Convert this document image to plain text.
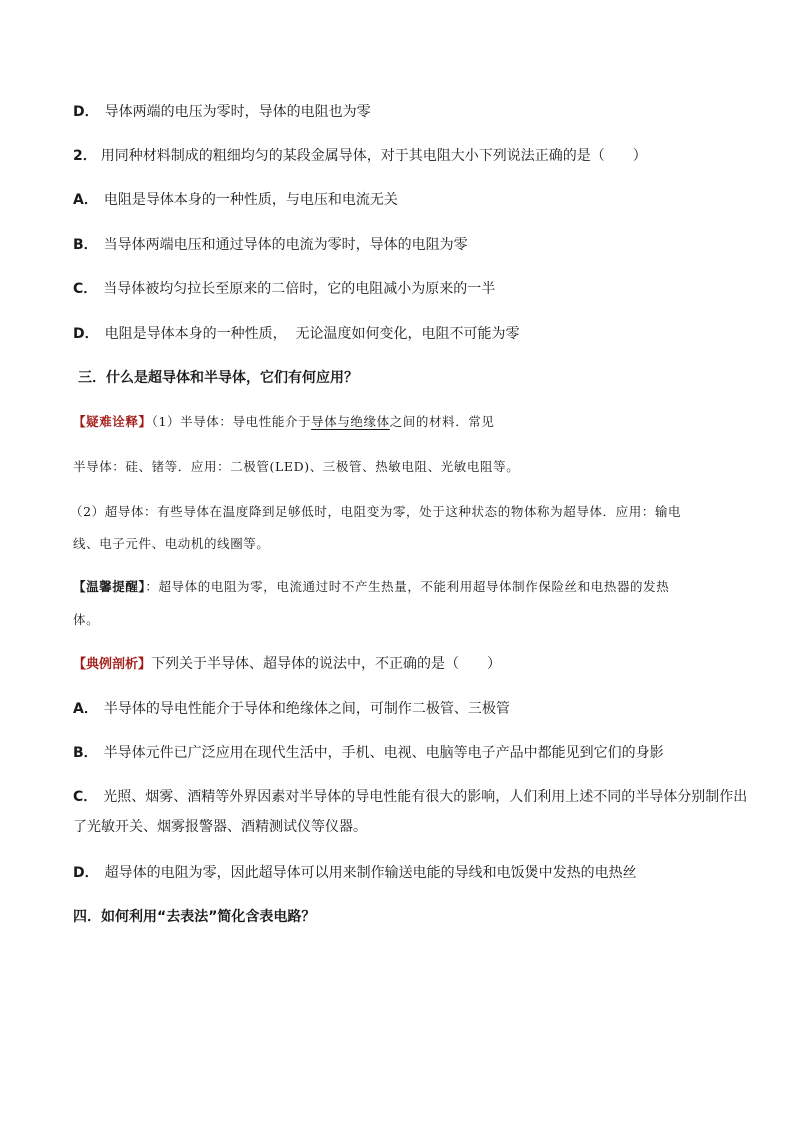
D． 导体两端的电压为零时，导体的电阻也为零
2． 用同种材料制成的粗细均匀的某段金属导体，对于其电阻大小下列说法正确的是（　　）
A． 电阻是导体本身的一种性质，与电压和电流无关
B． 当导体两端电压和通过导体的电流为零时，导体的电阻为零
C． 当导体被均匀拉长至原来的二倍时，它的电阻减小为原来的一半
D． 电阻是导体本身的一种性质，  无论温度如何变化，电阻不可能为零
三．什么是超导体和半导体，它们有何应用？
【疑难诠释】（1）半导体：导电性能介于导体与绝缘体之间的材料．常见
半导体：硅、锗等．应用：二极管(LED)、三极管、热敏电阻、光敏电阻等。
（2）超导体：有些导体在温度降到足够低时，电阻变为零，处于这种状态的物体称为超导体．应用：输电
线、电子元件、电动机的线圈等。
【温馨提醒】：超导体的电阻为零，电流通过时不产生热量，不能利用超导体制作保险丝和电热器的发热
体。
【典例剖析】下列关于半导体、超导体的说法中，不正确的是（　　）
A． 半导体的导电性能介于导体和绝缘体之间，可制作二极管、三极管
B． 半导体元件已广泛应用在现代生活中，手机、电视、电脑等电子产品中都能见到它们的身影
C． 光照、烟雾、酒精等外界因素对半导体的导电性能有很大的影响，人们利用上述不同的半导体分别制作出
了光敏开关、烟雾报警器、酒精测试仪等仪器。
D． 超导体的电阻为零，因此超导体可以用来制作输送电能的导线和电饭煲中发热的电热丝
四．如何利用“去表法”简化含表电路？
